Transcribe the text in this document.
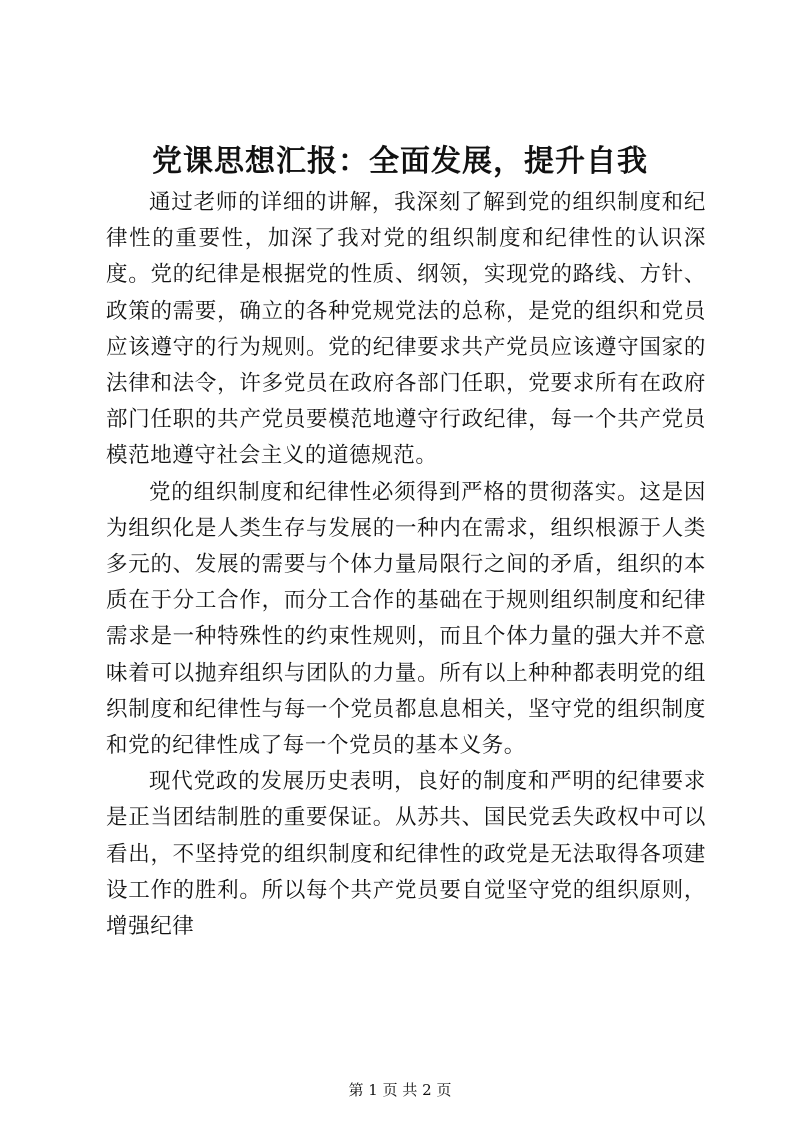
党课思想汇报：全面发展，提升自我

通过老师的详细的讲解，我深刻了解到党的组织制度和纪律性的重要性，加深了我对党的组织制度和纪律性的认识深度。党的纪律是根据党的性质、纲领，实现党的路线、方针、政策的需要，确立的各种党规党法的总称，是党的组织和党员应该遵守的行为规则。党的纪律要求共产党员应该遵守国家的法律和法令，许多党员在政府各部门任职，党要求所有在政府部门任职的共产党员要模范地遵守行政纪律，每一个共产党员模范地遵守社会主义的道德规范。

党的组织制度和纪律性必须得到严格的贯彻落实。这是因为组织化是人类生存与发展的一种内在需求，组织根源于人类多元的、发展的需要与个体力量局限行之间的矛盾，组织的本质在于分工合作，而分工合作的基础在于规则组织制度和纪律需求是一种特殊性的约束性规则，而且个体力量的强大并不意味着可以抛弃组织与团队的力量。所有以上种种都表明党的组织制度和纪律性与每一个党员都息息相关，坚守党的组织制度和党的纪律性成了每一个党员的基本义务。

现代党政的发展历史表明，良好的制度和严明的纪律要求是正当团结制胜的重要保证。从苏共、国民党丢失政权中可以看出，不坚持党的组织制度和纪律性的政党是无法取得各项建设工作的胜利。所以每个共产党员要自觉坚守党的组织原则，增强纪律

第 1 页 共 2 页
